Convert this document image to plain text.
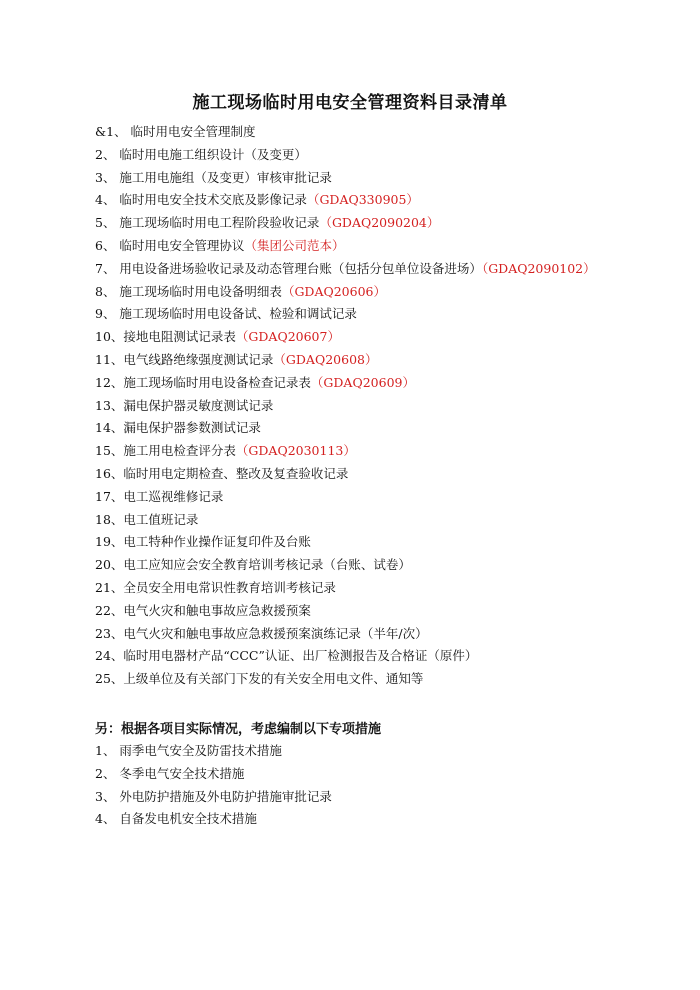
施工现场临时用电安全管理资料目录清单
&1、 临时用电安全管理制度
2、 临时用电施工组织设计（及变更）
3、 施工用电施组（及变更）审核审批记录
4、 临时用电安全技术交底及影像记录（GDAQ330905）
5、 施工现场临时用电工程阶段验收记录（GDAQ2090204）
6、 临时用电安全管理协议（集团公司范本）
7、 用电设备进场验收记录及动态管理台账（包括分包单位设备进场）（GDAQ2090102）
8、 施工现场临时用电设备明细表（GDAQ20606）
9、 施工现场临时用电设备试、检验和调试记录
10、接地电阻测试记录表（GDAQ20607）
11、电气线路绝缘强度测试记录（GDAQ20608）
12、施工现场临时用电设备检查记录表（GDAQ20609）
13、漏电保护器灵敏度测试记录
14、漏电保护器参数测试记录
15、施工用电检查评分表（GDAQ2030113）
16、临时用电定期检查、整改及复查验收记录
17、电工巡视维修记录
18、电工值班记录
19、电工特种作业操作证复印件及台账
20、电工应知应会安全教育培训考核记录（台账、试卷）
21、全员安全用电常识性教育培训考核记录
22、电气火灾和触电事故应急救援预案
23、电气火灾和触电事故应急救援预案演练记录（半年/次）
24、临时用电器材产品“CCC”认证、出厂检测报告及合格证（原件）
25、上级单位及有关部门下发的有关安全用电文件、通知等
另：根据各项目实际情况，考虑编制以下专项措施
1、 雨季电气安全及防雷技术措施
2、 冬季电气安全技术措施
3、 外电防护措施及外电防护措施审批记录
4、 自备发电机安全技术措施
